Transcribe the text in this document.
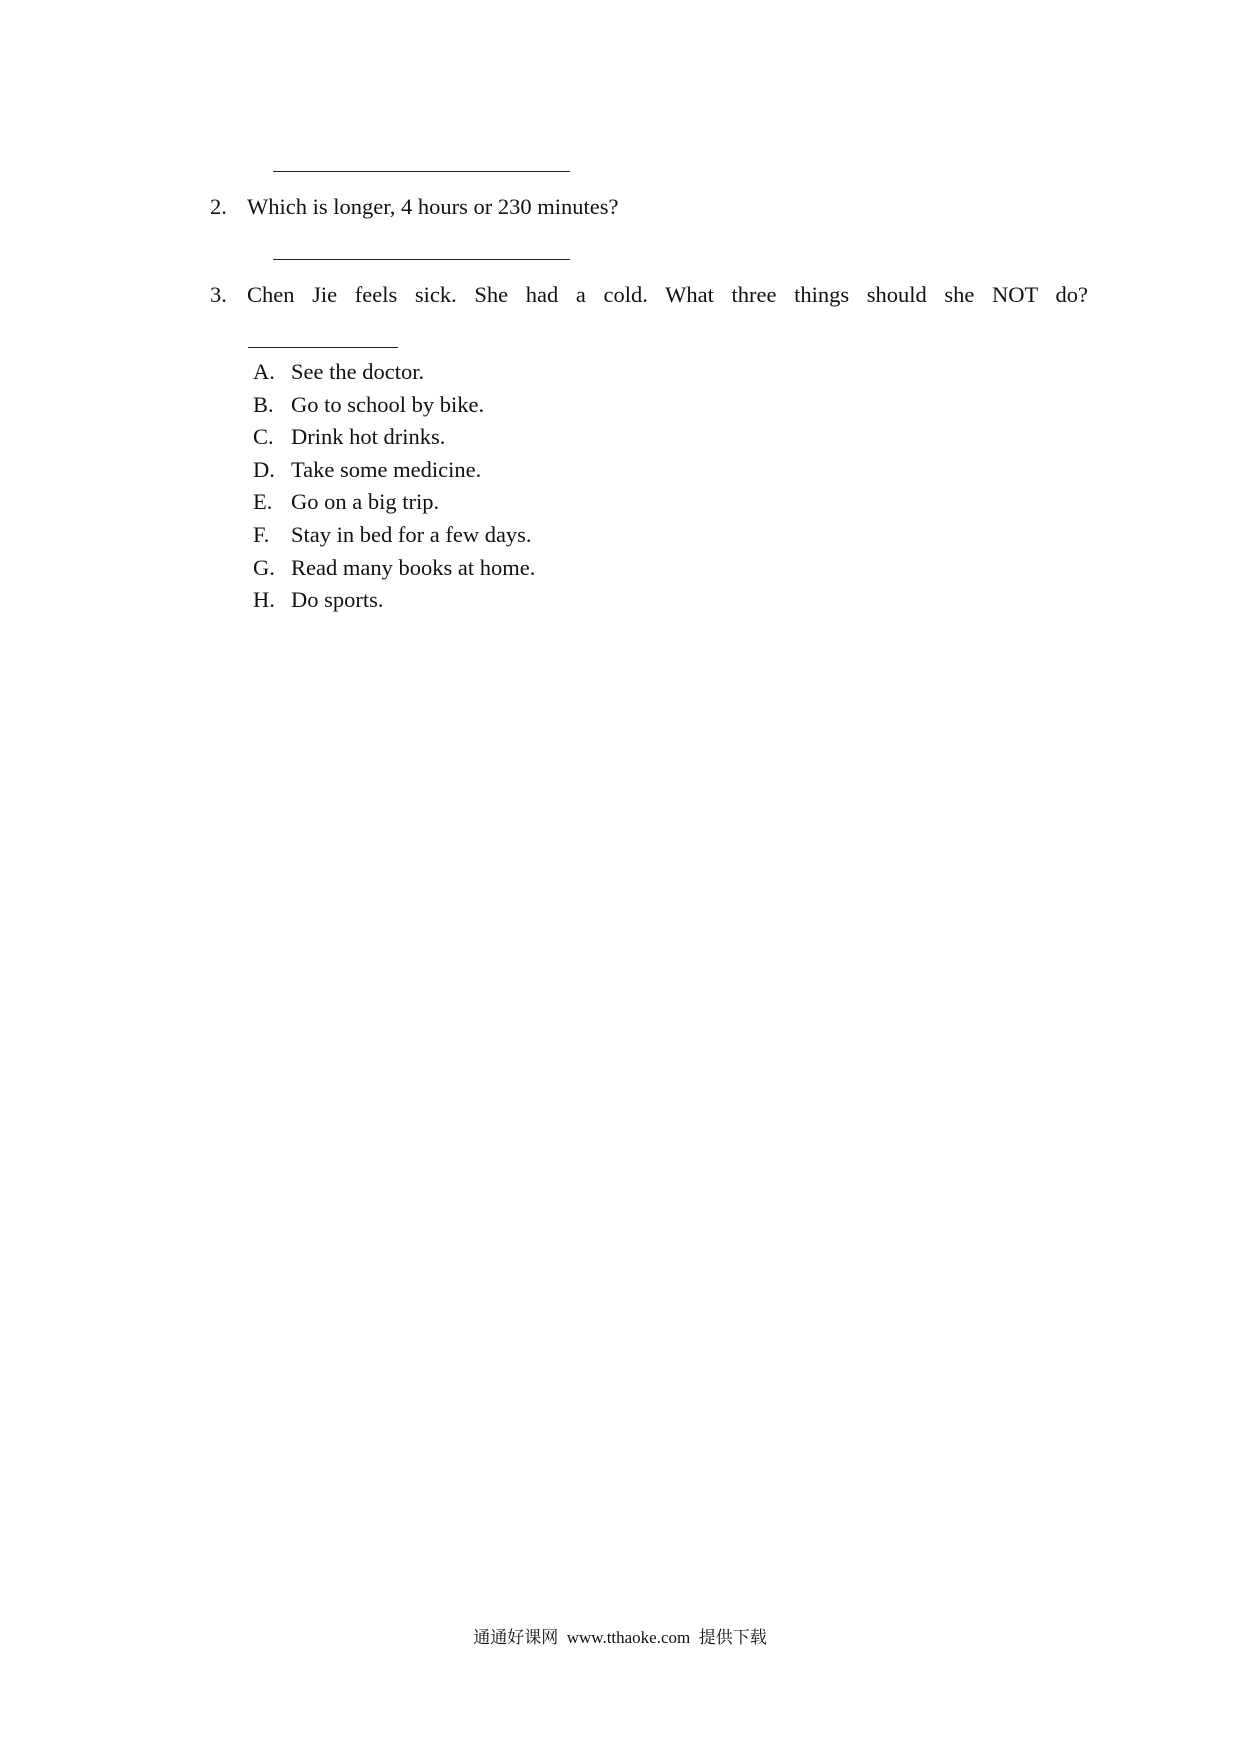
2. Which is longer, 4 hours or 230 minutes?
3. Chen Jie feels sick. She had a cold. What three things should she NOT do?
A. See the doctor.
B. Go to school by bike.
C. Drink hot drinks.
D. Take some medicine.
E. Go on a big trip.
F. Stay in bed for a few days.
G. Read many books at home.
H. Do sports.
通通好课网  www.tthaoke.com  提供下载
